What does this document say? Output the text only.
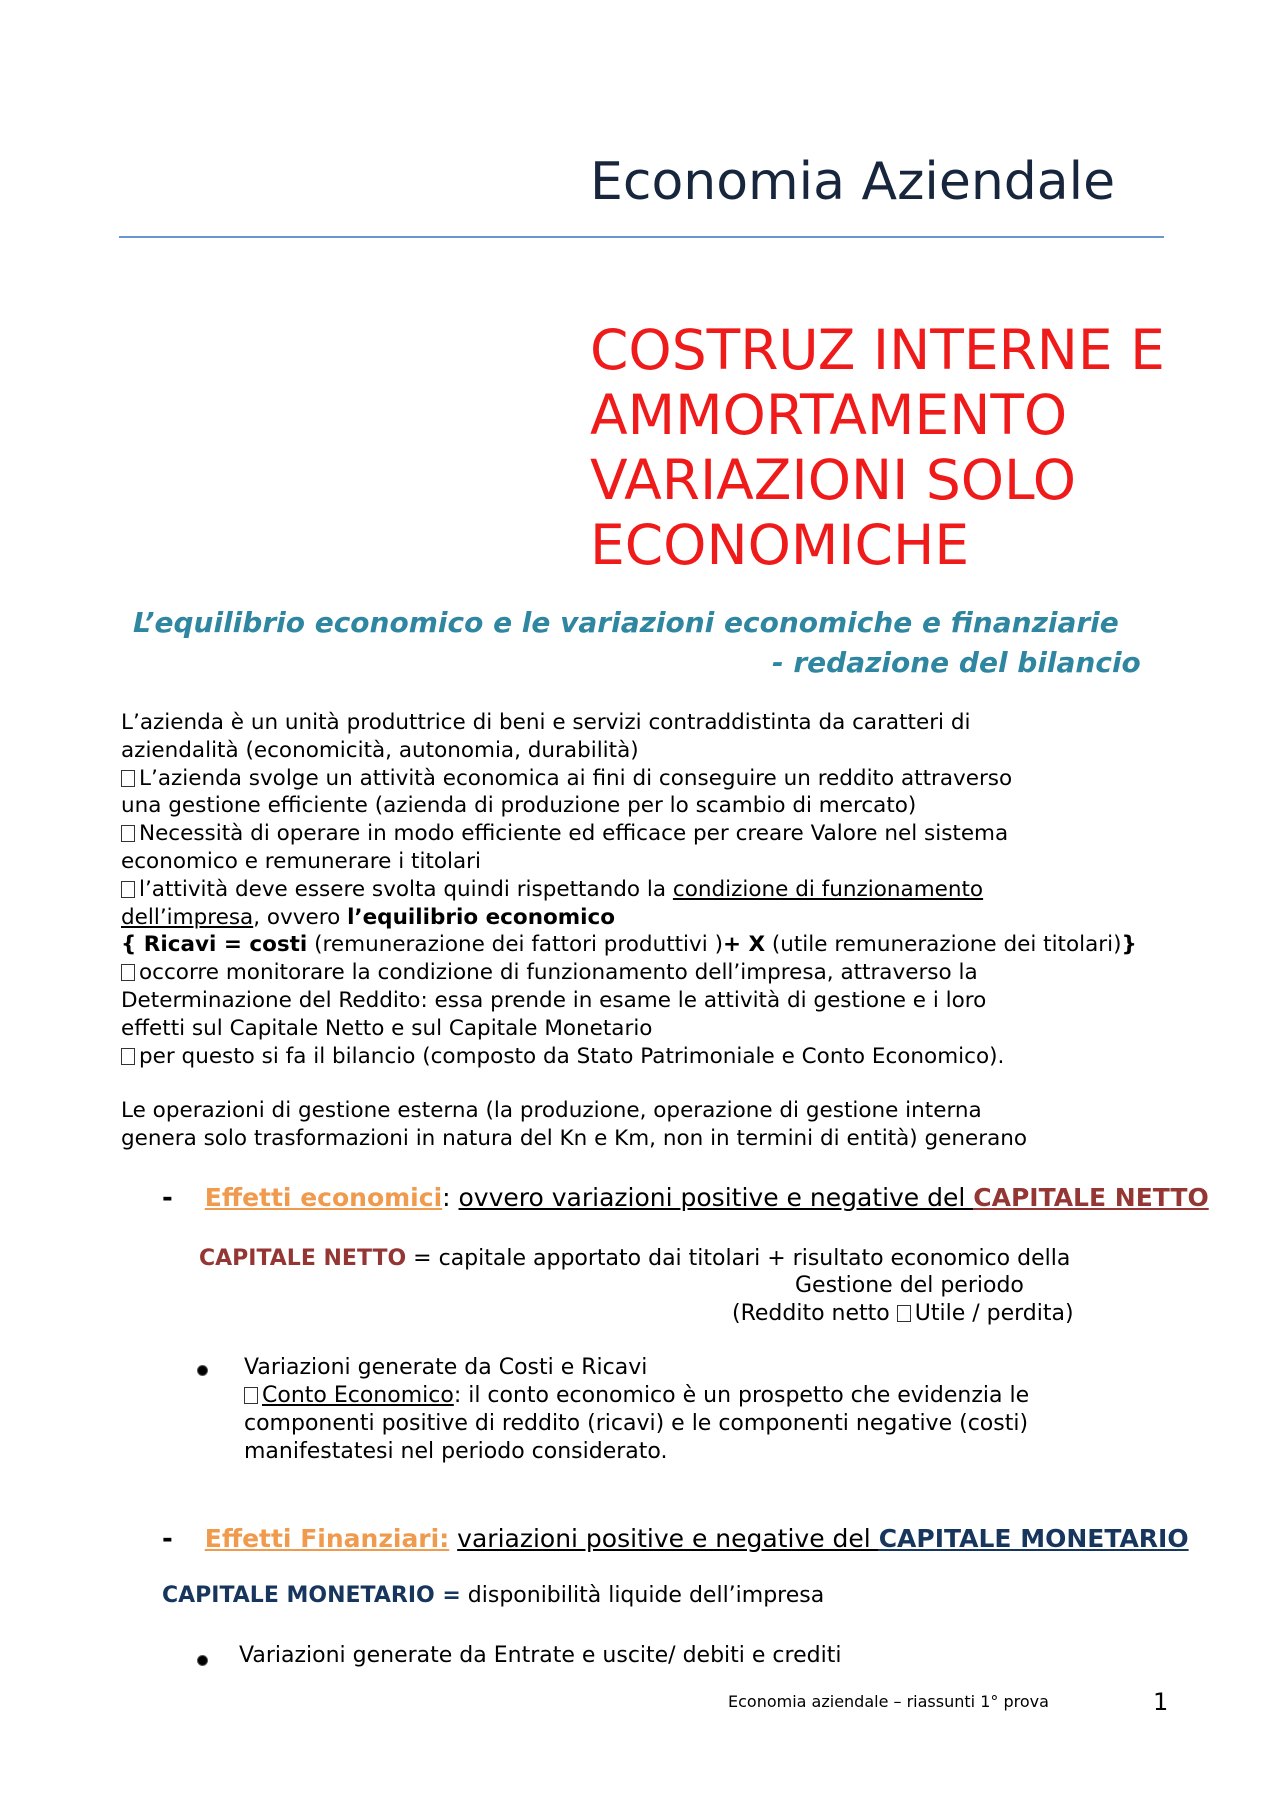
Economia Aziendale
COSTRUZ INTERNE E
AMMORTAMENTO
VARIAZIONI SOLO
ECONOMICHE
L’equilibrio economico e le variazioni economiche e finanziarie
- redazione del bilancio
L’azienda è un unità produttrice di beni e servizi contraddistinta da caratteri di
aziendalità (economicità, autonomia, durabilità)
L’azienda svolge un attività economica ai fini di conseguire un reddito attraverso
una gestione efficiente (azienda di produzione per lo scambio di mercato)
Necessità di operare in modo efficiente ed efficace per creare Valore nel sistema
economico e remunerare i titolari
l’attività deve essere svolta quindi rispettando la condizione di funzionamento
dell’impresa, ovvero l’equilibrio economico
{ Ricavi = costi (remunerazione dei fattori produttivi )+ X (utile remunerazione dei titolari)}
occorre monitorare la condizione di funzionamento dell’impresa, attraverso la
Determinazione del Reddito: essa prende in esame le attività di gestione e i loro
effetti sul Capitale Netto e sul Capitale Monetario
per questo si fa il bilancio (composto da Stato Patrimoniale e Conto Economico).
Le operazioni di gestione esterna (la produzione, operazione di gestione interna
genera solo trasformazioni in natura del Kn e Km, non in termini di entità) generano
- Effetti economici: ovvero variazioni positive e negative del CAPITALE NETTO
CAPITALE NETTO = capitale apportato dai titolari + risultato economico della
Gestione del periodo
(Reddito netto Utile / perdita)
Variazioni generate da Costi e Ricavi
Conto Economico: il conto economico è un prospetto che evidenzia le
componenti positive di reddito (ricavi) e le componenti negative (costi)
manifestatesi nel periodo considerato.
- Effetti Finanziari: variazioni positive e negative del CAPITALE MONETARIO
CAPITALE MONETARIO = disponibilità liquide dell’impresa
Variazioni generate da Entrate e uscite/ debiti e crediti
Economia aziendale – riassunti 1° prova	1
